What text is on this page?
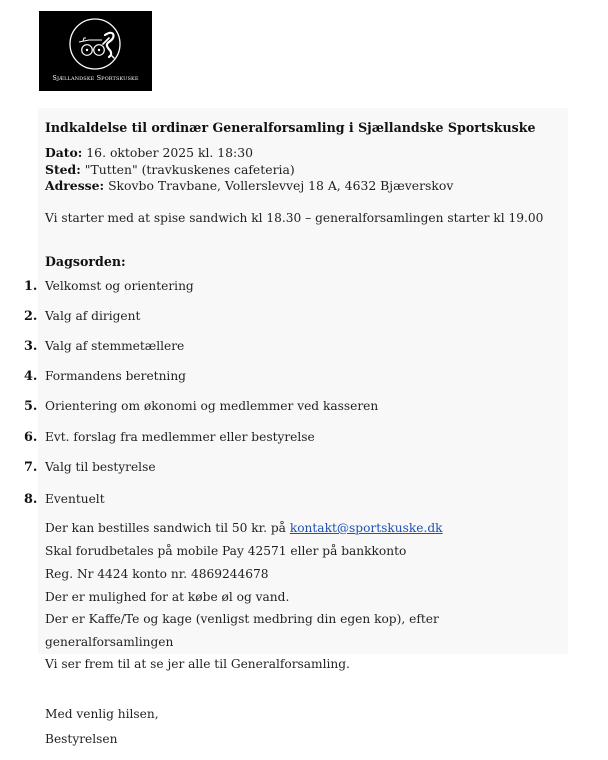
Sjællandske Sportskuske
Indkaldelse til ordinær Generalforsamling i Sjællandske Sportskuske
Dato: 16. oktober 2025 kl. 18:30
Sted: "Tutten" (travkuskenes cafeteria)
Adresse: Skovbo Travbane, Vollerslevvej 18 A, 4632 Bjæverskov
Vi starter med at spise sandwich kl 18.30 – generalforsamlingen starter kl 19.00
Dagsorden:
1. Velkomst og orientering
2. Valg af dirigent
3. Valg af stemmetællere
4. Formandens beretning
5. Orientering om økonomi og medlemmer ved kasseren
6. Evt. forslag fra medlemmer eller bestyrelse
7. Valg til bestyrelse
8. Eventuelt
Der kan bestilles sandwich til 50 kr. på kontakt@sportskuske.dk
Skal forudbetales på mobile Pay 42571 eller på bankkonto
Reg. Nr 4424 konto nr. 4869244678
Der er mulighed for at købe øl og vand.
Der er Kaffe/Te og kage (venligst medbring din egen kop), efter
generalforsamlingen
Vi ser frem til at se jer alle til Generalforsamling.
Med venlig hilsen,
Bestyrelsen
